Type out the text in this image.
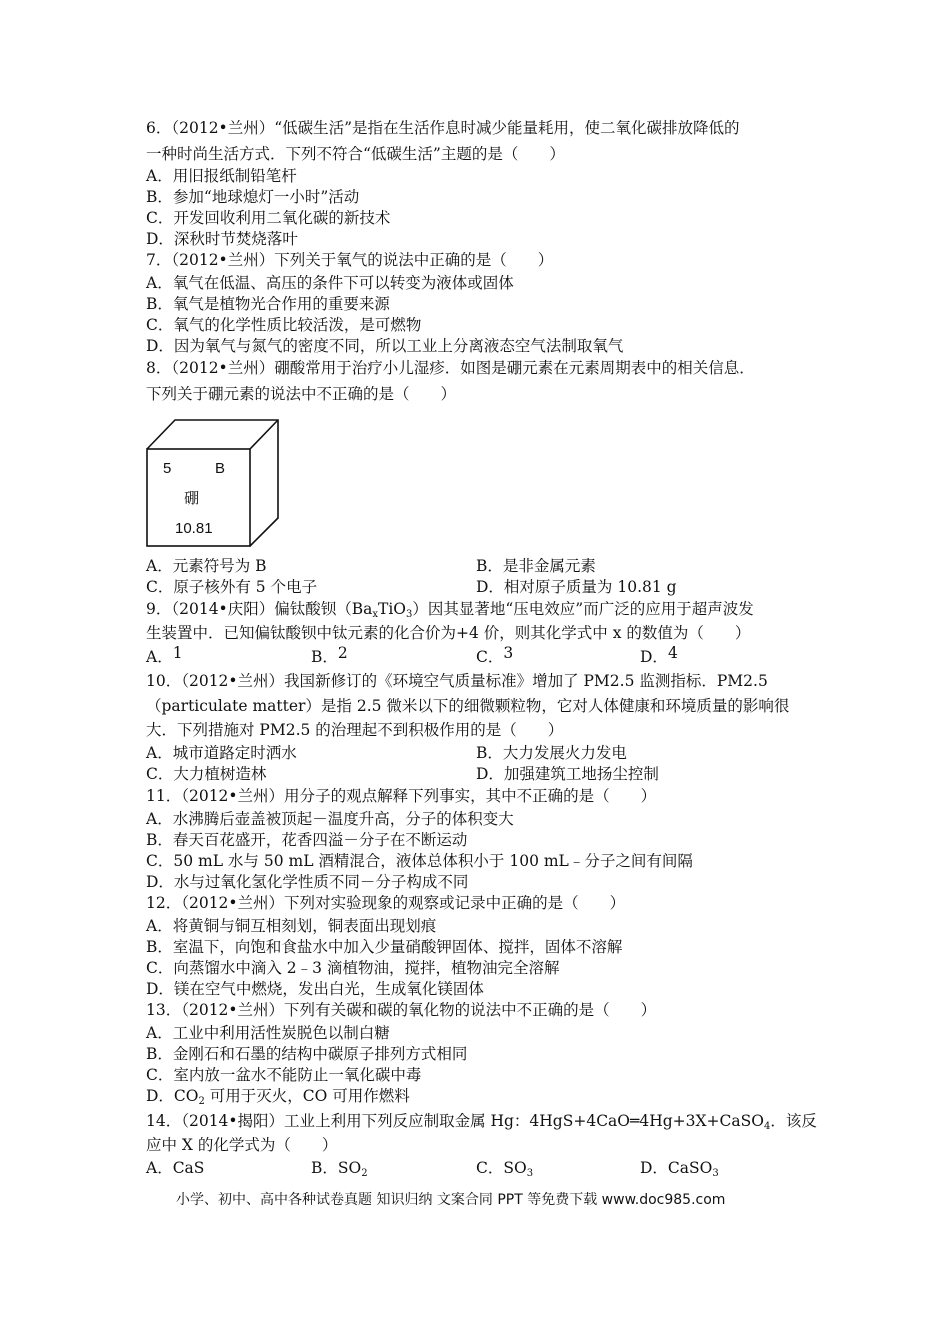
6．（2012•兰州）“低碳生活”是指在生活作息时减少能量耗用，使二氧化碳排放降低的
一种时尚生活方式．下列不符合“低碳生活”主题的是（　　）
A．用旧报纸制铅笔杆
B．参加“地球熄灯一小时”活动
C．开发回收利用二氧化碳的新技术
D．深秋时节焚烧落叶
7．（2012•兰州）下列关于氧气的说法中正确的是（　　）
A．氧气在低温、高压的条件下可以转变为液体或固体
B．氧气是植物光合作用的重要来源
C．氧气的化学性质比较活泼，是可燃物
D．因为氧气与氮气的密度不同，所以工业上分离液态空气法制取氧气
8．（2012•兰州）硼酸常用于治疗小儿湿疹．如图是硼元素在元素周期表中的相关信息．
下列关于硼元素的说法中不正确的是（　　）
5	B
硼
10.81
A．元素符号为 B	B．是非金属元素
C．原子核外有 5 个电子	D．相对原子质量为 10.81 g
9．（2014•庆阳）偏钛酸钡$(Ba_xTiO_3)$因其显著地“压电效应”而广泛的应用于超声波发
生装置中．已知偏钛酸钡中钛元素的化合价为+4 价，则其化学式中 x 的数值为（　　）
A．1	B．2	C．3	D．4
10．（2012•兰州）我国新修订的《环境空气质量标准》增加了 PM2.5 监测指标．PM2.5
（particulate matter）是指 2.5 微米以下的细微颗粒物，它对人体健康和环境质量的影响很
大．下列措施对 PM2.5 的治理起不到积极作用的是（　　）
A．城市道路定时洒水	B．大力发展火力发电
C．大力植树造林	D．加强建筑工地扬尘控制
11．（2012•兰州）用分子的观点解释下列事实，其中不正确的是（　　）
A．水沸腾后壶盖被顶起－温度升高，分子的体积变大
B．春天百花盛开，花香四溢－分子在不断运动
C．50 mL 水与 50 mL 酒精混合，液体总体积小于 100 mL﹣分子之间有间隔
D．水与过氧化氢化学性质不同－分子构成不同
12．（2012•兰州）下列对实验现象的观察或记录中正确的是（　　）
A．将黄铜与铜互相刻划，铜表面出现划痕
B．室温下，向饱和食盐水中加入少量硝酸钾固体、搅拌，固体不溶解
C．向蒸馏水中滴入 2﹣3 滴植物油，搅拌，植物油完全溶解
D．镁在空气中燃烧，发出白光，生成氧化镁固体
13．（2012•兰州）下列有关碳和碳的氧化物的说法中不正确的是（　　）
A．工业中利用活性炭脱色以制白糖
B．金刚石和石墨的结构中碳原子排列方式相同
C．室内放一盆水不能防止一氧化碳中毒
D．$CO_2$ 可用于灭火，CO 可用作燃料
14．（2014•揭阳）工业上利用下列反应制取金属 Hg：4HgS+4CaO═4Hg+3X+CaSO$_4$．该反
应中 X 的化学式为（　　）
A．CaS	B．$SO_2$	C．$SO_3$	D．CaSO$_3$
小学、初中、高中各种试卷真题 知识归纳 文案合同 PPT 等免费下载 www.doc985.com
